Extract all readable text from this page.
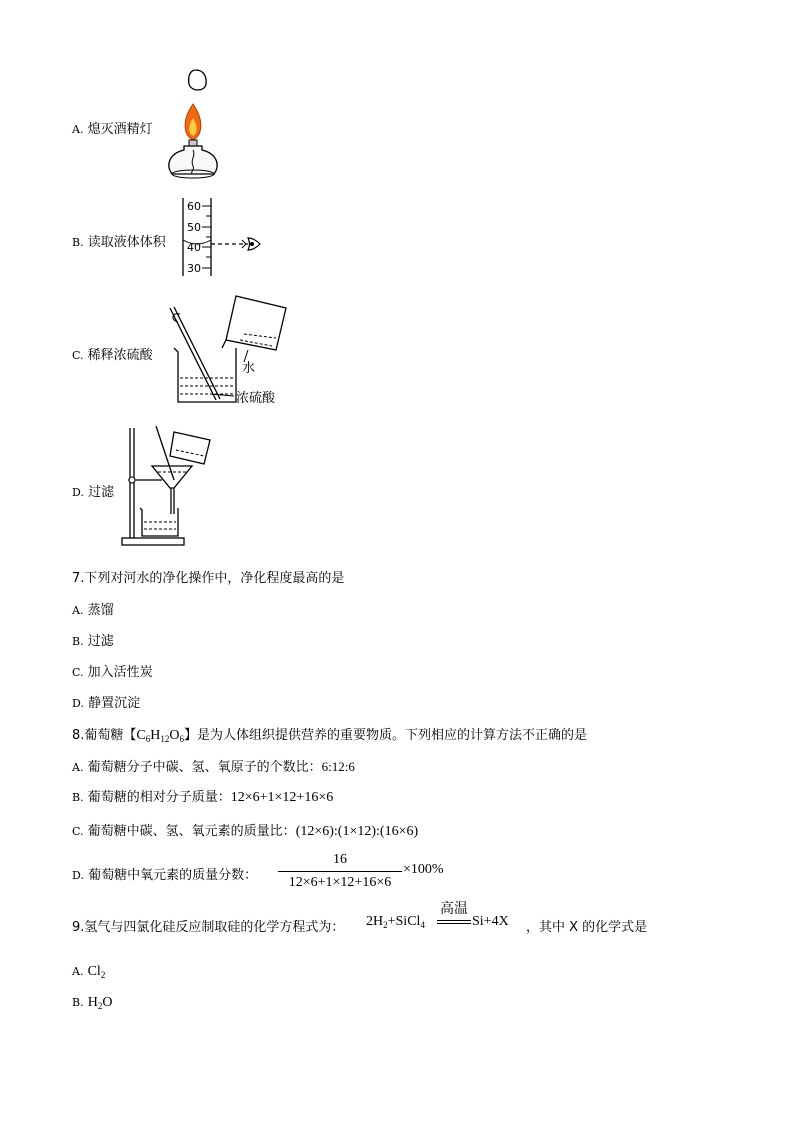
A. 熄灭酒精灯
B. 读取液体体积
60
50
40
30
C. 稀释浓硫酸
水
浓硫酸
D. 过滤
7.下列对河水的净化操作中，净化程度最高的是
A. 蒸馏
B. 过滤
C. 加入活性炭
D. 静置沉淀
8.葡萄糖【$C_6H_{12}O_6$】是为人体组织提供营养的重要物质。下列相应的计算方法不正确的是
A. 葡萄糖分子中碳、氢、氧原子的个数比：6:12:6
B. 葡萄糖的相对分子质量：12×6+1×12+16×6
C. 葡萄糖中碳、氢、氧元素的质量比：(12×6):(1×12):(16×6)
D. 葡萄糖中氧元素的质量分数：
16
12×6+1×12+16×6
×100%
9.氢气与四氯化硅反应制取硅的化学方程式为： $2H_2+SiCl_4$
高温
Si+4X ，其中 X 的化学式是
A. $Cl_2$
B. $H_2O$
